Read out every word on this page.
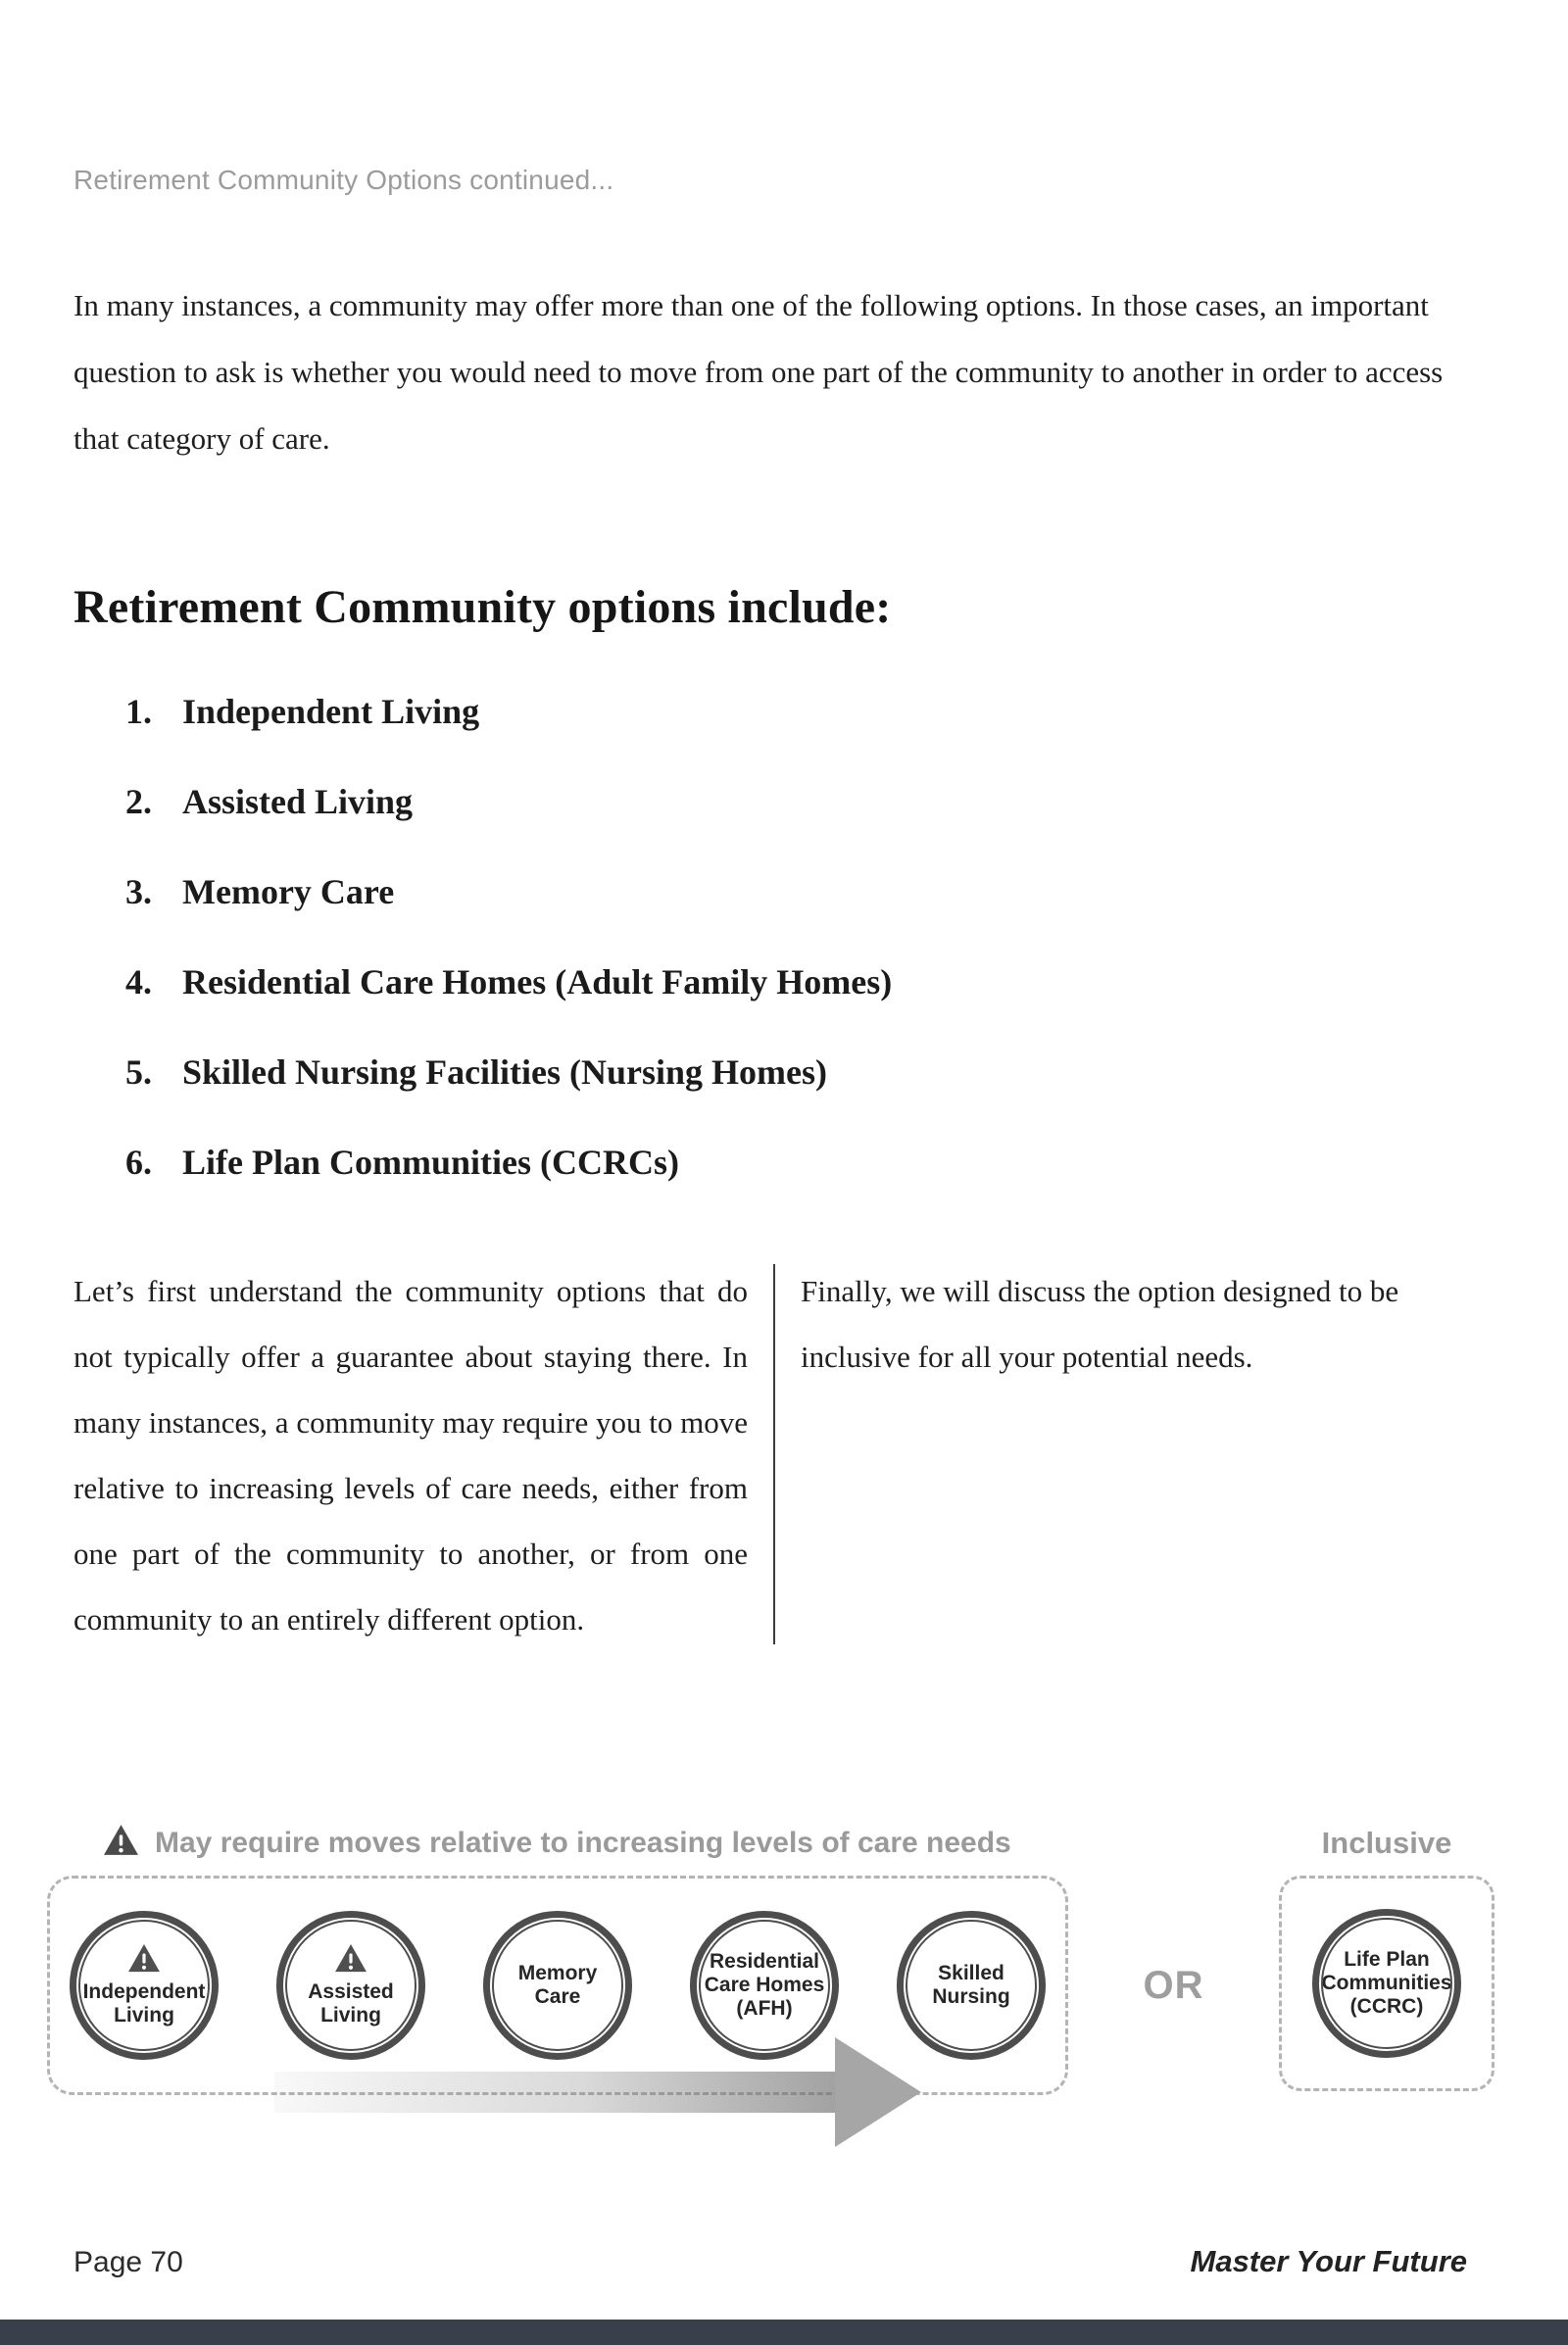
Retirement Community Options continued...

In many instances, a community may offer more than one of the following options. In those cases, an important question to ask is whether you would need to move from one part of the community to another in order to access that category of care.

Retirement Community options include:
1. Independent Living
2. Assisted Living
3. Memory Care
4. Residential Care Homes (Adult Family Homes)
5. Skilled Nursing Facilities (Nursing Homes)
6. Life Plan Communities (CCRCs)

Let’s first understand the community options that do not typically offer a guarantee about staying there. In many instances, a community may require you to move relative to increasing levels of care needs, either from one part of the community to another, or from one community to an entirely different option.

Finally, we will discuss the option designed to be inclusive for all your potential needs.

May require moves relative to increasing levels of care needs	Inclusive
Independent
Living
Assisted
Living
Memory
Care
Residential
Care Homes
(AFH)
Skilled
Nursing	OR
Life Plan
Communities
(CCRC)
Page 70	Master Your Future
